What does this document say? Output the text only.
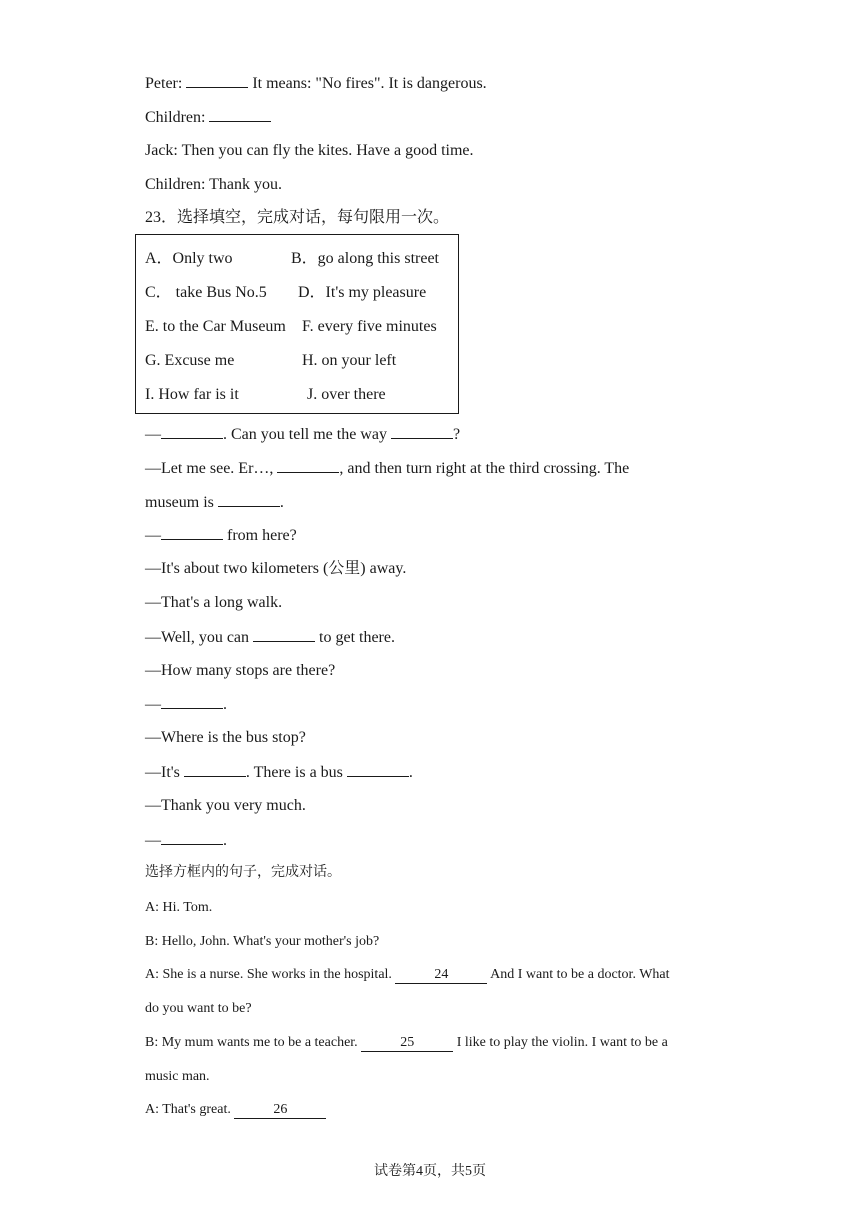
Peter:	It means: "No fires". It is dangerous.
Children:
Jack: Then you can fly the kites. Have a good time.
Children: Thank you.
23．选择填空，完成对话，每句限用一次。
A．Only two	B．go along this street
C． take Bus No.5 D．It's my pleasure
E. to the Car Museum F. every five minutes
G. Excuse me	H. on your left
I. How far is it	J. over there
—	. Can you tell me the way	?
—Let me see. Er…,	, and then turn right at the third crossing. The
museum is	.
—	from here?
—It's about two kilometers (公里) away.
—That's a long walk.
—Well, you can	to get there.
—How many stops are there?
—	.
—Where is the bus stop?
—It's	. There is a bus	.
—Thank you very much.
—	.
选择方框内的句子，完成对话。
A: Hi. Tom.
B: Hello, John. What's your mother's job?
A: She is a nurse. She works in the hospital.	24	And I want to be a doctor. What
do you want to be?
B: My mum wants me to be a teacher.	25	I like to play the violin. I want to be a
music man.
A: That's great.	26
试卷第4页，共5页
